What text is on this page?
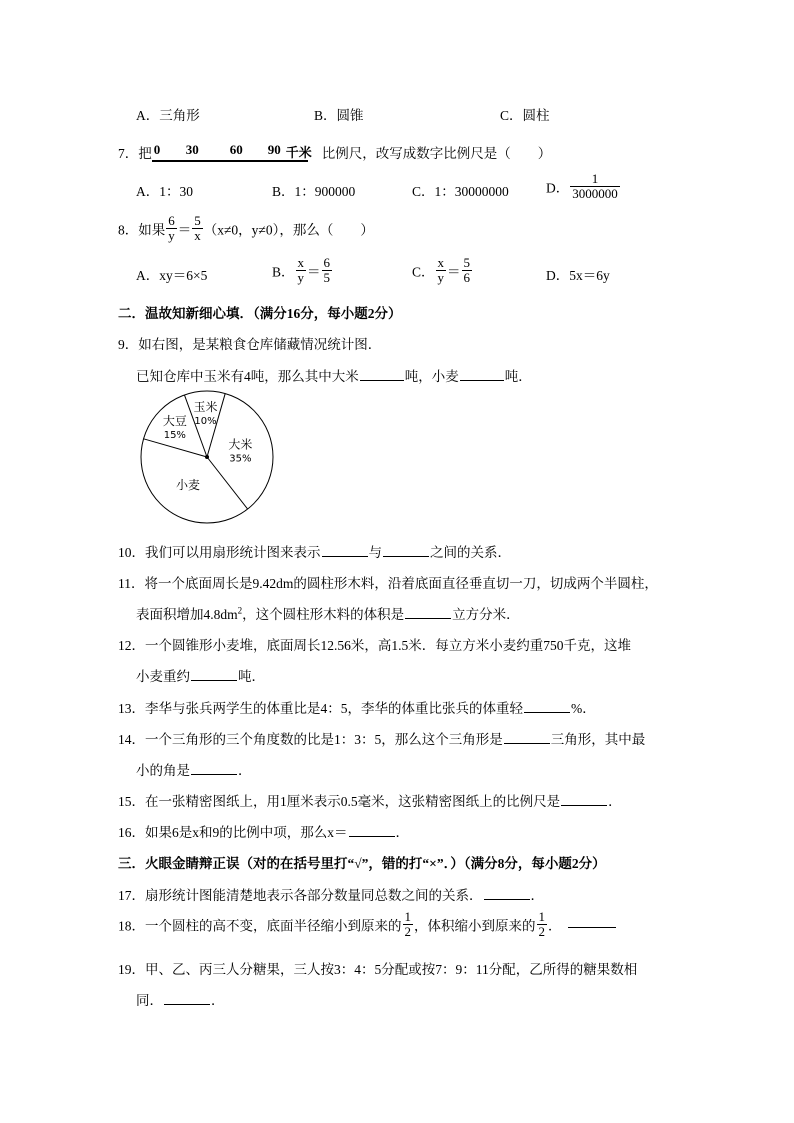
A．三角形	B．圆锥	C．圆柱
7．把 0 30 60 90 千米 比例尺，改写成数字比例尺是（　　）
A．1：30	B．1：900000	C．1：30000000	D． $\frac{1}{3000000}$
8．如果 $\frac{6}{y} = \frac{5}{x} (x\ne 0$，y≠0），那么（　　）
A．xy＝6×5	B． $\frac{x}{y} = \frac{6}{5}$	C． $\frac{x}{y} = \frac{5}{6}$	D．5x＝6y
二．温故知新细心填．（满分16分，每小题2分）
9．如右图，是某粮食仓库储藏情况统计图．
已知仓库中玉米有4吨，那么其中大米	吨，小麦	吨．
玉米
10%
大米
35%
小麦
大豆
15%
10．我们可以用扇形统计图来表示	与	之间的关系．
11．将一个底面周长是9.42dm的圆柱形木料，沿着底面直径垂直切一刀，切成两个半圆柱，
表面积增加$4.8dm^2$，这个圆柱形木料的体积是	立方分米．
12．一个圆锥形小麦堆，底面周长12.56米，高1.5米．每立方米小麦约重750千克，这堆
小麦重约	吨．
13．李华与张兵两学生的体重比是4：5，李华的体重比张兵的体重轻	%．
14．一个三角形的三个角度数的比是1：3：5，那么这个三角形是	三角形，其中最
小的角是	．
15．在一张精密图纸上，用1厘米表示0.5毫米，这张精密图纸上的比例尺是	．
16．如果6是x和9的比例中项，那么x＝	．
三．火眼金睛辩正误（对的在括号里打“√”，错的打“×”．）（满分8分，每小题2分）
17．扇形统计图能清楚地表示各部分数量同总数之间的关系．	．
18．一个圆柱的高不变，底面半径缩小到原来的 $\frac{1}{2}$ ，体积缩小到原来的 $\frac{1}{2}$ ．
19．甲、乙、丙三人分糖果，三人按3：4：5分配或按7：9：11分配，乙所得的糖果数相
同．	．
